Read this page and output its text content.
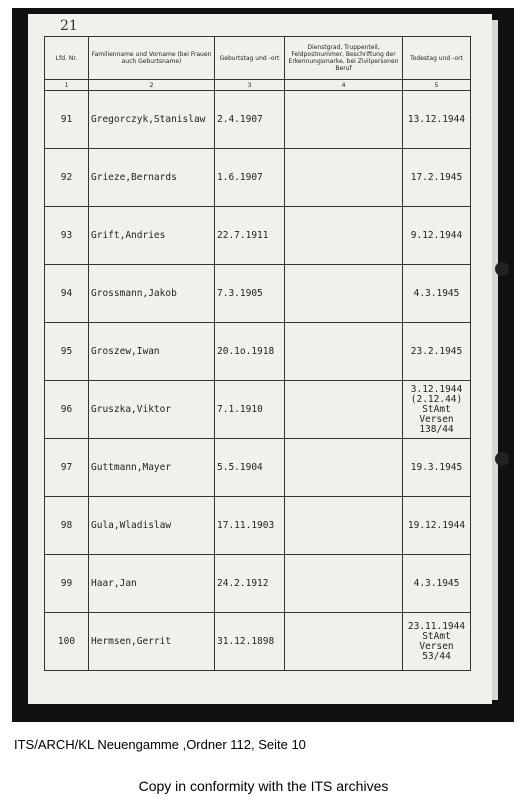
21
Lfd. Nr.	Familienname und Vorname (bei Frauen auch Geburtsname)	Geburtstag und -ort	Dienstgrad, Truppenteil, Feldpostnummer, Beschriftung der Erkennungsmarke, bei Zivilpersonen Beruf	Todestag und -ort
1	2	3	4	5
91	Gregorczyk,Stanislaw	2.4.1907		13.12.1944
92	Grieze,Bernards	1.6.1907		17.2.1945
93	Grift,Andries	22.7.1911		9.12.1944
94	Grossmann,Jakob	7.3.1905		4.3.1945
95	Groszew,Iwan	20.1o.1918		23.2.1945
96	Gruszka,Viktor	7.1.1910		3.12.1944
(2.12.44)
StAmt Versen
138/44
97	Guttmann,Mayer	5.5.1904		19.3.1945
98	Gula,Wladislaw	17.11.1903		19.12.1944
99	Haar,Jan	24.2.1912		4.3.1945
100	Hermsen,Gerrit	31.12.1898		23.11.1944
StAmt Versen
53/44
ITS/ARCH/KL Neuengamme ,Ordner 112, Seite 10
Copy in conformity with the ITS archives
